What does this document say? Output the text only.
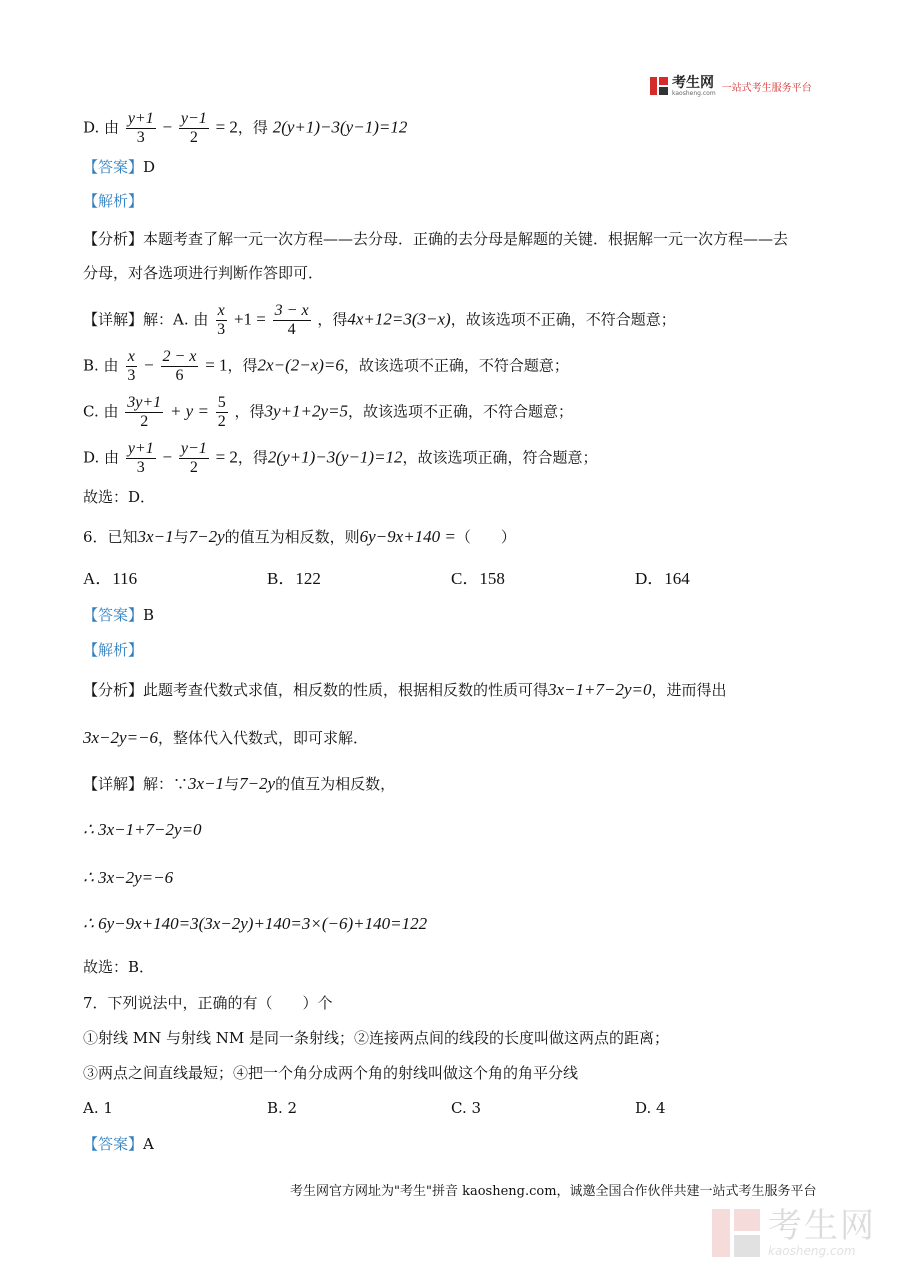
考生网
kaosheng.com 一站式考生服务平台
D. 由 $\frac{y+1}{3} - \frac{y-1}{2} = 2$，得 2(y+1)−3(y−1)=12
【答案】D
【解析】
【分析】本题考查了解一元一次方程——去分母．正确的去分母是解题的关键．根据解一元一次方程——去
分母，对各选项进行判断作答即可．
【详解】解：A. 由 $\frac{x}{3} +1 = \frac{3 - x}{4}$ ，得4x+12=3(3−x)，故该选项不正确，不符合题意；
B. 由 $\frac{x}{3} - \frac{2 - x}{6} = 1$，得2x−(2−x)=6，故该选项不正确，不符合题意；
C. 由 $\frac{3y+1}{2} + y = \frac{5}{2}$ ，得3y+1+2y=5，故该选项不正确，不符合题意；
D. 由 $\frac{y+1}{3} - \frac{y-1}{2} = 2$，得2(y+1)−3(y−1)=12，故该选项正确，符合题意；
故选：D．
6．已知3x−1与7−2y的值互为相反数，则6y−9x+140 =（　　）
A．116	B．122	C．158	D．164
【答案】B
【解析】
【分析】此题考查代数式求值，相反数的性质，根据相反数的性质可得3x−1+7−2y=0，进而得出
3x−2y=−6，整体代入代数式，即可求解．
【详解】解：∵3x−1与7−2y的值互为相反数，
∴ 3x−1+7−2y=0
∴ 3x−2y=−6
∴ 6y−9x+140=3(3x−2y)+140=3×(−6)+140=122
故选：B．
7．下列说法中，正确的有（　　）个
①射线 MN 与射线 NM 是同一条射线；②连接两点间的线段的长度叫做这两点的距离；
③两点之间直线最短；④把一个角分成两个角的射线叫做这个角的角平分线
A. 1	B. 2	C. 3	D. 4
【答案】A
考生网官方网址为"考生"拼音 kaosheng.com，诚邀全国合作伙伴共建一站式考生服务平台
考生网
kaosheng.com
